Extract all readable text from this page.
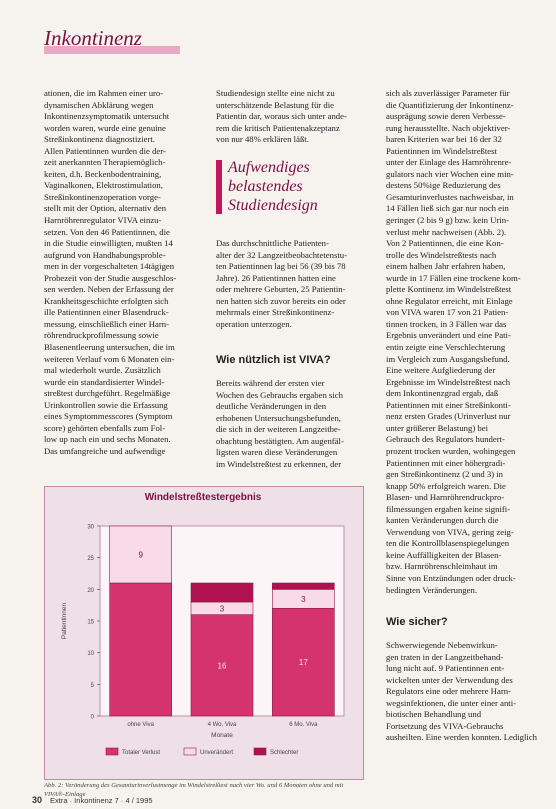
Inkontinenz

ationen, die im Rahmen einer uro-

dynamischen Abklärung wegen

Inkontinenzsymptomatik untersucht

worden waren, wurde eine genuine

Streßinkontinenz diagnostiziert.

Allen Patientinnen wurden die der-

zeit anerkannten Therapiemöglich-

keiten, d.h. Beckenbodentraining,

Vaginalkonen, Elektrostimulation,

Streßinkontinenzoperation vorge-

stellt mit der Option, alternativ den

Harnröhrenregulator VIVA einzu-

setzen. Von den 46 Patientinnen, die

in die Studie einwilligten, mußten 14

aufgrund von Handhabungsproble-

men in der vorgeschalteten 14tägigen

Probezeit von der Studie ausgeschlos-

sen werden. Neben der Erfassung der

Krankheitsgeschichte erfolgten sich

ille Patientinnen einer Blasendruck-

messung, einschließlich einer Harn-

röhrendruckprofilmessung sowie

Blasenentleerung untersuchen, die im

weiteren Verlauf vom 6 Monaten ein-

mal wiederholt wurde. Zusätzlich

wurde ein standardisierter Windel-

streßtest durchgeführt. Regelmäßige

Urinkontrollen sowie die Erfassung

eines Symptommesscores (Symptom

score) gehörten ebenfalls zum Fol-

low up nach ein und sechs Monaten.

Das umfangreiche und aufwendige

Studiendesign stellte eine nicht zu

unterschätzende Belastung für die

Patientin dar, woraus sich unter ande-

rem die kritisch Patientenakzeptanz

von nur 48% erklären läßt.

Aufwendiges belastendes Studiendesign

Das durchschnittliche Patienten-

alter der 32 Langzeitbeobachtetenstu-

ten Patientinnen lag bei 56 (39 bis 78

Jahre). 26 Patientinnen hatten eine

oder mehrere Geburten, 25 Patientin-

nen hatten sich zuvor bereits ein oder

mehrmals einer Streßinkontinenz-

operation unterzogen.

Wie nützlich ist VIVA?

Bereits während der ersten vier

Wochen des Gebrauchs ergaben sich

deutliche Veränderungen in den

erhobenen Untersuchungsbefunden,

die sich in der weiteren Langzeitbe-

obachtung bestätigten. Am augenfäl-

ligsten waren diese Veränderungen

im Windelstreßtest zu erkennen, der

sich als zuverlässiger Parameter für

die Quantifizierung der Inkontinenz-

ausprägung sowie deren Verbesse-

rung herausstellte. Nach objektiver-

baren Kriterien war bei 16 der 32

Patientinnen im Windelstreßtest

unter der Einlage des Harnröhrenre-

gulators nach vier Wochen eine min-

destens 50%ige Reduzierung des

Gesamturinverlustes nachweisbar, in

14 Fällen ließ sich gar nur noch ein

geringer (2 bis 9 g) bzw. kein Urin-

verlust mehr nachweisen (Abb. 2).

Von 2 Patientinnen, die eine Kon-

trolle des Windelstreßtests nach

einem halben Jahr erfahren haben,

wurde in 17 Fällen eine trockene kom-

plette Kontinenz im Windelstreßtest

ohne Regulator erreicht, mit Einlage

von VIVA waren 17 von 21 Patien-

tinnen trocken, in 3 Fällen war das

Ergebnis unverändert und eine Pati-

entin zeigte eine Verschlechterung

im Vergleich zum Ausgangsbefund.

Eine weitere Aufgliederung der

Ergebnisse im Windelstreßtest nach

dem Inkontinenzgrad ergab, daß

Patientinnen mit einer Streßinkonti-

nenz ersten Grades (Urinverlust nur

unter größerer Belastung) bei

Gebrauch des Regulators hundert-

prozent trocken wurden, wohingegen

Patientinnen mit einer höhergradi-

gen Streßinkontinenz (2 und 3) in

knapp 50% erfolgreich waren. Die

Blasen- und Harnröhrendruckpro-

filmessungen ergaben keine signifi-

kanten Veränderungen durch die

Verwendung von VIVA, gering zeig-

ten die Kontrollblasenspiegelungen

keine Auffälligkeiten der Blasen-

bzw. Harnröhrenschleimhaut im

Sinne von Entzündungen oder druck-

bedingten Veränderungen.

Wie sicher?

Schwerwiegende Nebenwirkun-

gen traten in der Langzeitbehand-

lung nicht auf. 9 Patientinnen ent-

wickelten unter der Verwendung des

Regulators eine oder mehrere Harn-

wegsinfektionen, die unter einer anti-

biotischen Behandlung und

Fortsetzung des VIVA-Gebrauchs

ausheilten. Eine werden konnten. Lediglich

Windelstreßtestergebnis
0
5
10
15
20
25
30
Patientinnen
9
ohne Viva
16
3
4 Wo. Viva
17
3
6 Mo. Viva
Monate
Totaler Verlust	Unverändert	Schlechter
Abb. 2: Veränderung des Gesamturinverlustmenge im Windelstreßtest nach vier Wo. und 6 Monaten ohne und mit VIVA®-Einlage
30 Extra · Inkontinenz 7 · 4 / 1995
